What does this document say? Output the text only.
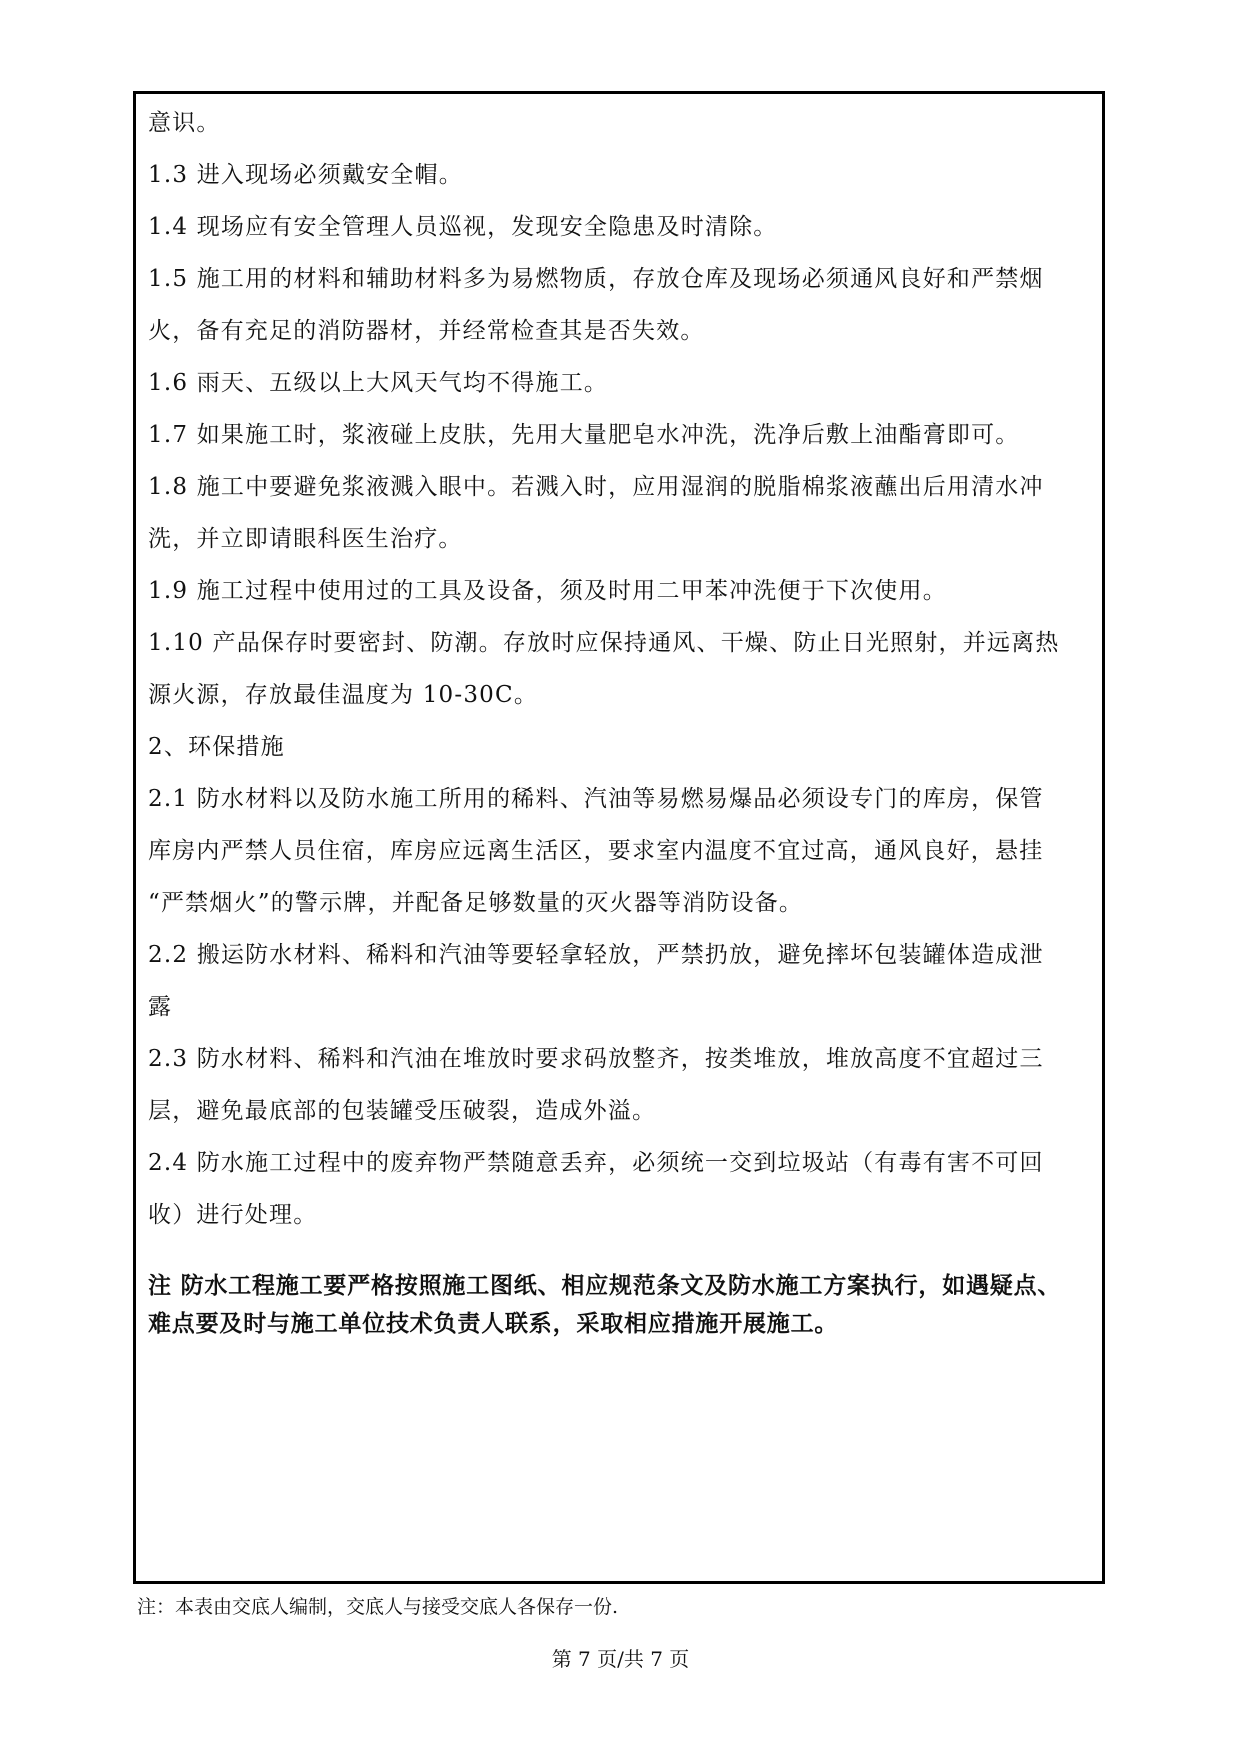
意识。
1.3 进入现场必须戴安全帽。
1.4 现场应有安全管理人员巡视，发现安全隐患及时清除。
1.5 施工用的材料和辅助材料多为易燃物质，存放仓库及现场必须通风良好和严禁烟
火，备有充足的消防器材，并经常检查其是否失效。
1.6 雨天、五级以上大风天气均不得施工。
1.7 如果施工时，浆液碰上皮肤，先用大量肥皂水冲洗，洗净后敷上油酯膏即可。
1.8 施工中要避免浆液溅入眼中。若溅入时，应用湿润的脱脂棉浆液蘸出后用清水冲
洗，并立即请眼科医生治疗。
1.9 施工过程中使用过的工具及设备，须及时用二甲苯冲洗便于下次使用。
1.10 产品保存时要密封、防潮。存放时应保持通风、干燥、防止日光照射，并远离热
源火源，存放最佳温度为 10-30C。
2、环保措施
2.1 防水材料以及防水施工所用的稀料、汽油等易燃易爆品必须设专门的库房，保管
库房内严禁人员住宿，库房应远离生活区，要求室内温度不宜过高，通风良好，悬挂
“严禁烟火”的警示牌，并配备足够数量的灭火器等消防设备。
2.2 搬运防水材料、稀料和汽油等要轻拿轻放，严禁扔放，避免摔坏包装罐体造成泄
露
2.3 防水材料、稀料和汽油在堆放时要求码放整齐，按类堆放，堆放高度不宜超过三
层，避免最底部的包装罐受压破裂，造成外溢。
2.4 防水施工过程中的废弃物严禁随意丢弃，必须统一交到垃圾站（有毒有害不可回
收）进行处理。
注 防水工程施工要严格按照施工图纸、相应规范条文及防水施工方案执行，如遇疑点、
难点要及时与施工单位技术负责人联系，采取相应措施开展施工。
注：本表由交底人编制，交底人与接受交底人各保存一份.
第 7 页/共 7 页
